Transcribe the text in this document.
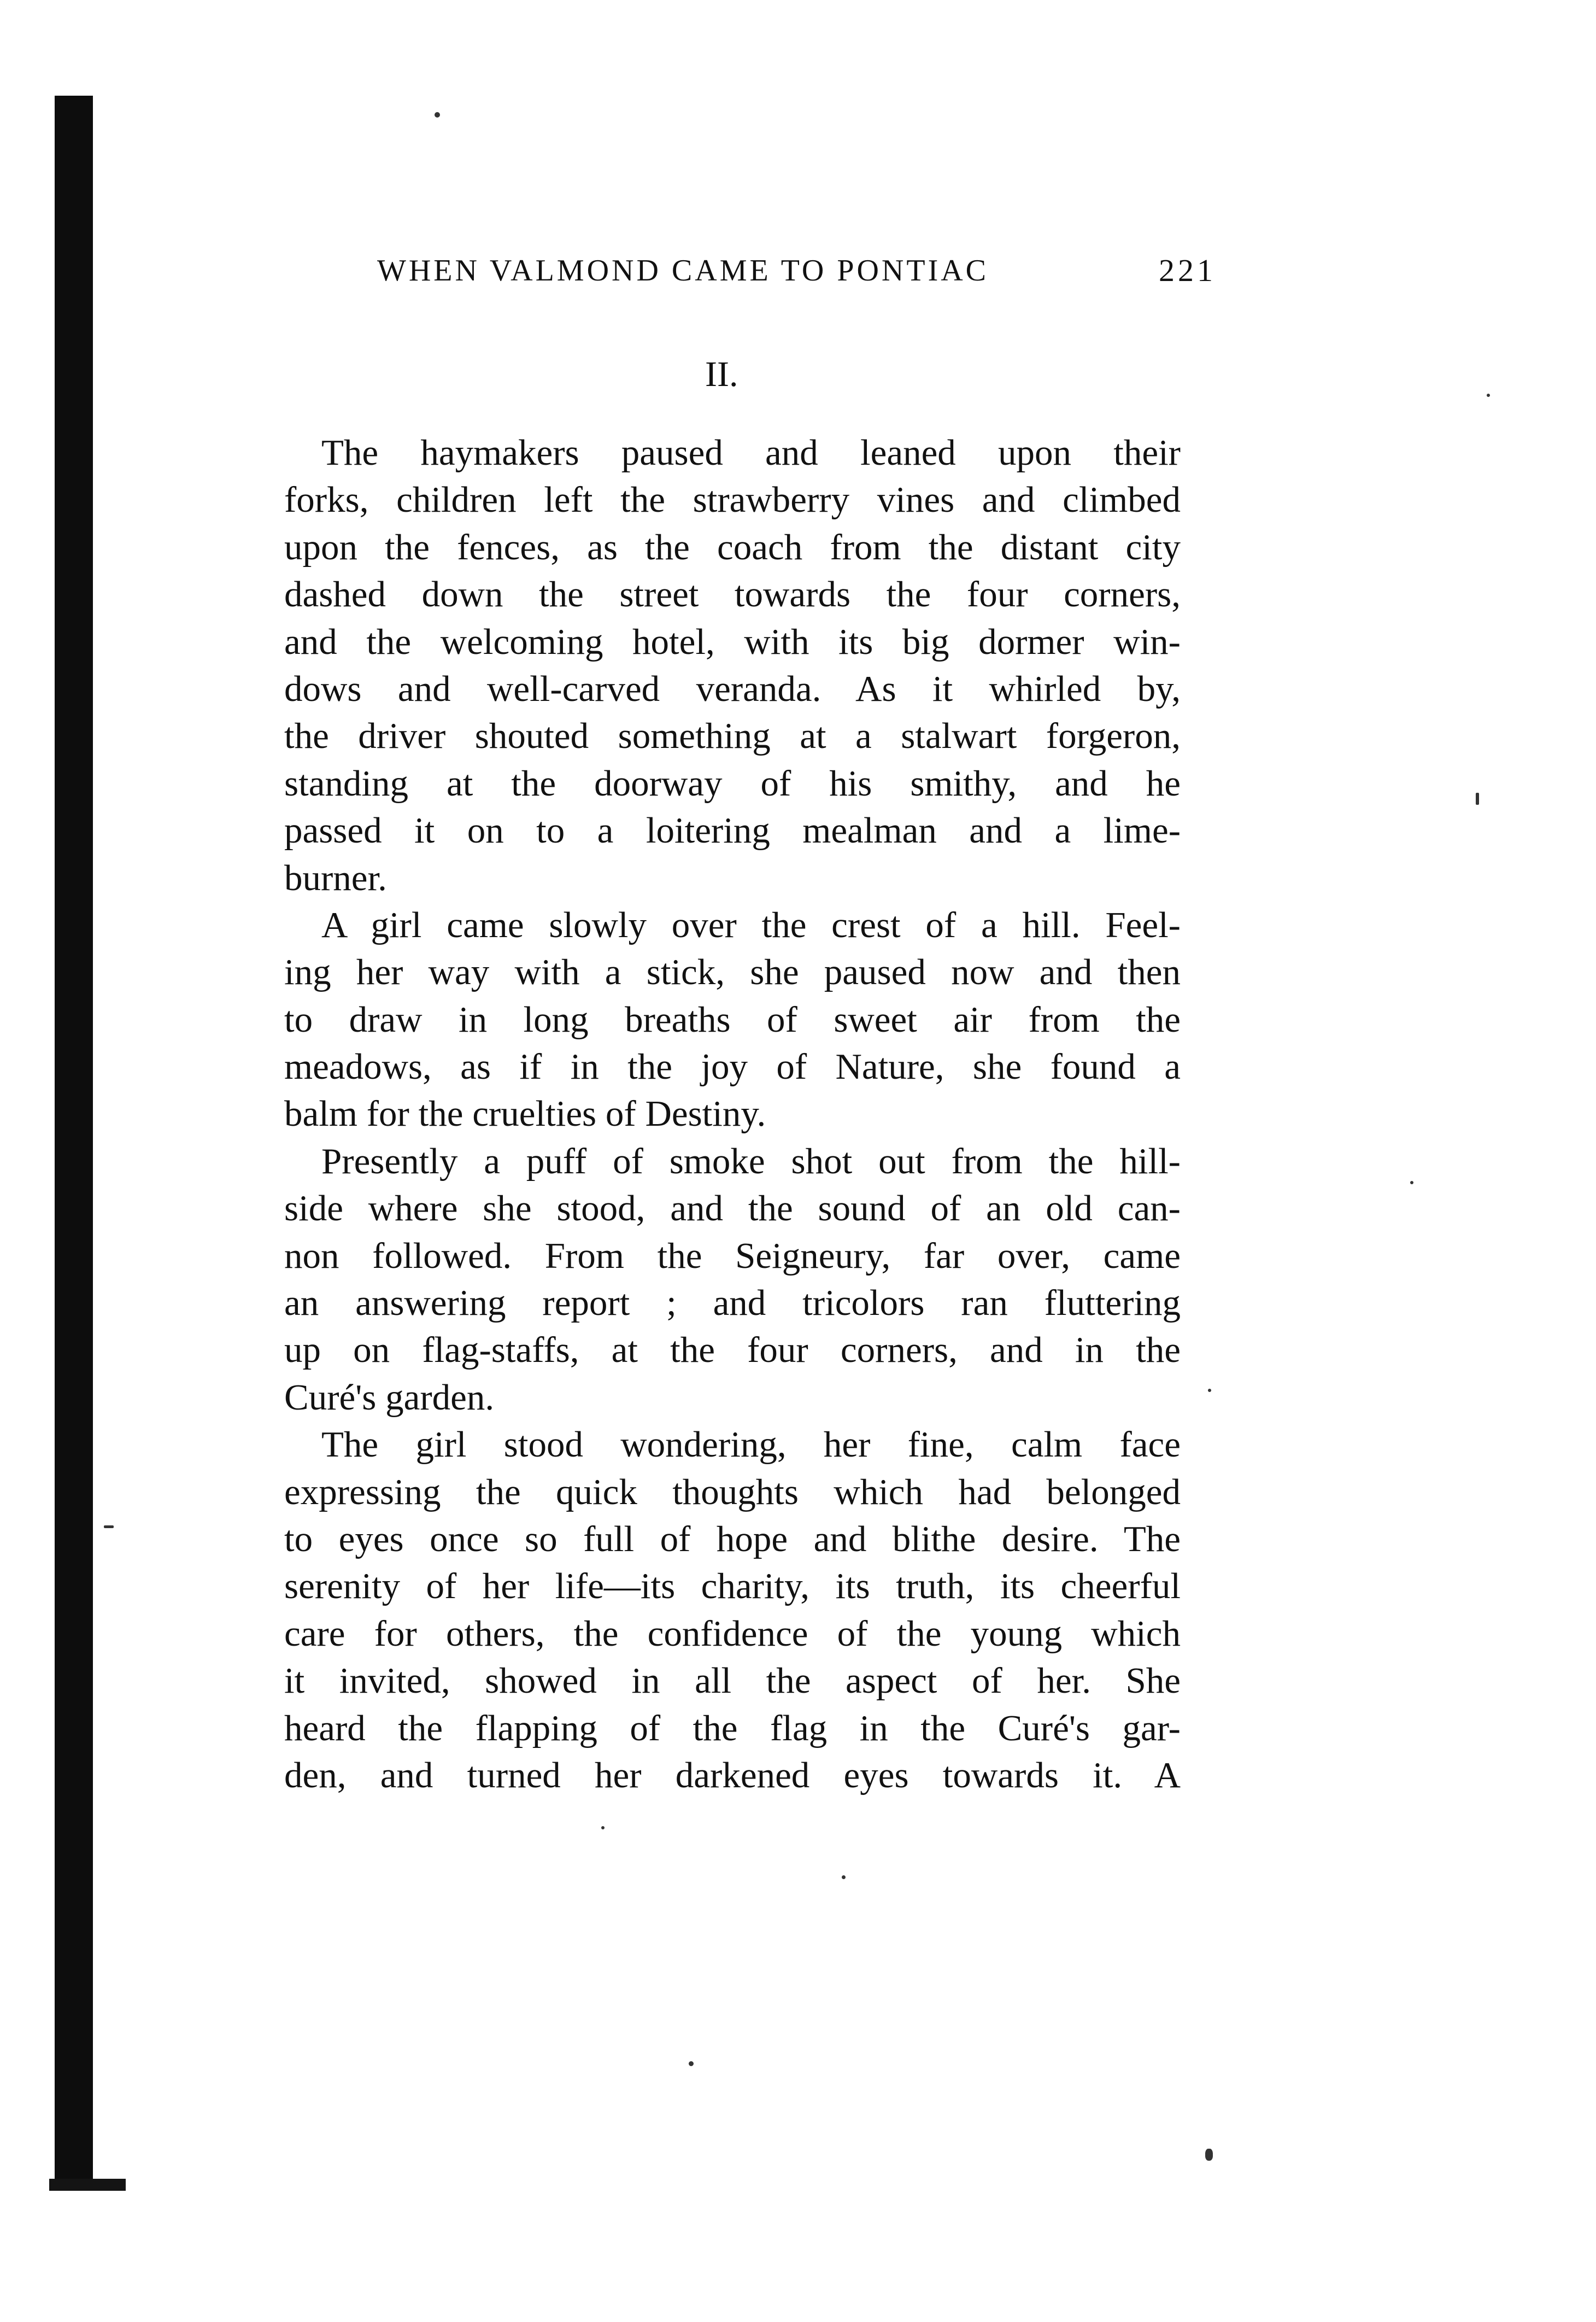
WHEN VALMOND CAME TO PONTIAC	221
II.
The haymakers paused and leaned upon their
forks, children left the strawberry vines and climbed
upon the fences, as the coach from the distant city
dashed down the street towards the four corners,
and the welcoming hotel, with its big dormer win-
dows and well-carved veranda. As it whirled by,
the driver shouted something at a stalwart forgeron,
standing at the doorway of his smithy, and he
passed it on to a loitering mealman and a lime-
burner.
A girl came slowly over the crest of a hill. Feel-
ing her way with a stick, she paused now and then
to draw in long breaths of sweet air from the
meadows, as if in the joy of Nature, she found a
balm for the cruelties of Destiny.
Presently a puff of smoke shot out from the hill-
side where she stood, and the sound of an old can-
non followed. From the Seigneury, far over, came
an answering report ; and tricolors ran fluttering
up on flag-staffs, at the four corners, and in the
Curé's garden.
The girl stood wondering, her fine, calm face
expressing the quick thoughts which had belonged
to eyes once so full of hope and blithe desire. The
serenity of her life—its charity, its truth, its cheerful
care for others, the confidence of the young which
it invited, showed in all the aspect of her. She
heard the flapping of the flag in the Curé's gar-
den, and turned her darkened eyes towards it. A
